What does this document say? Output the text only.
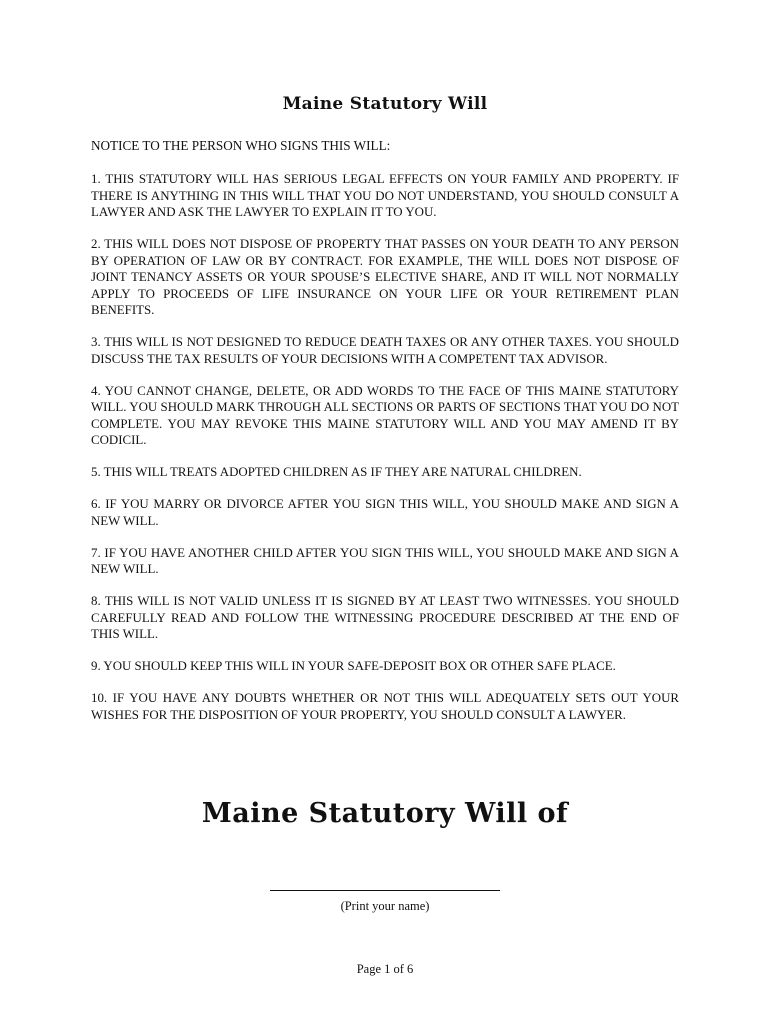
Maine Statutory Will
NOTICE TO THE PERSON WHO SIGNS THIS WILL:
1. THIS STATUTORY WILL HAS SERIOUS LEGAL EFFECTS ON YOUR FAMILY AND PROPERTY. IF THERE IS ANYTHING IN THIS WILL THAT YOU DO NOT UNDERSTAND, YOU SHOULD CONSULT A LAWYER AND ASK THE LAWYER TO EXPLAIN IT TO YOU.
2. THIS WILL DOES NOT DISPOSE OF PROPERTY THAT PASSES ON YOUR DEATH TO ANY PERSON BY OPERATION OF LAW OR BY CONTRACT. FOR EXAMPLE, THE WILL DOES NOT DISPOSE OF JOINT TENANCY ASSETS OR YOUR SPOUSE’S ELECTIVE SHARE, AND IT WILL NOT NORMALLY APPLY TO PROCEEDS OF LIFE INSURANCE ON YOUR LIFE OR YOUR RETIREMENT PLAN BENEFITS.
3. THIS WILL IS NOT DESIGNED TO REDUCE DEATH TAXES OR ANY OTHER TAXES. YOU SHOULD DISCUSS THE TAX RESULTS OF YOUR DECISIONS WITH A COMPETENT TAX ADVISOR.
4. YOU CANNOT CHANGE, DELETE, OR ADD WORDS TO THE FACE OF THIS MAINE STATUTORY WILL. YOU SHOULD MARK THROUGH ALL SECTIONS OR PARTS OF SECTIONS THAT YOU DO NOT COMPLETE. YOU MAY REVOKE THIS MAINE STATUTORY WILL AND YOU MAY AMEND IT BY CODICIL.
5. THIS WILL TREATS ADOPTED CHILDREN AS IF THEY ARE NATURAL CHILDREN.
6. IF YOU MARRY OR DIVORCE AFTER YOU SIGN THIS WILL, YOU SHOULD MAKE AND SIGN A NEW WILL.
7. IF YOU HAVE ANOTHER CHILD AFTER YOU SIGN THIS WILL, YOU SHOULD MAKE AND SIGN A NEW WILL.
8. THIS WILL IS NOT VALID UNLESS IT IS SIGNED BY AT LEAST TWO WITNESSES. YOU SHOULD CAREFULLY READ AND FOLLOW THE WITNESSING PROCEDURE DESCRIBED AT THE END OF THIS WILL.
9. YOU SHOULD KEEP THIS WILL IN YOUR SAFE-DEPOSIT BOX OR OTHER SAFE PLACE.
10. IF YOU HAVE ANY DOUBTS WHETHER OR NOT THIS WILL ADEQUATELY SETS OUT YOUR WISHES FOR THE DISPOSITION OF YOUR PROPERTY, YOU SHOULD CONSULT A LAWYER.
Maine Statutory Will of
(Print your name)
Page 1 of 6
